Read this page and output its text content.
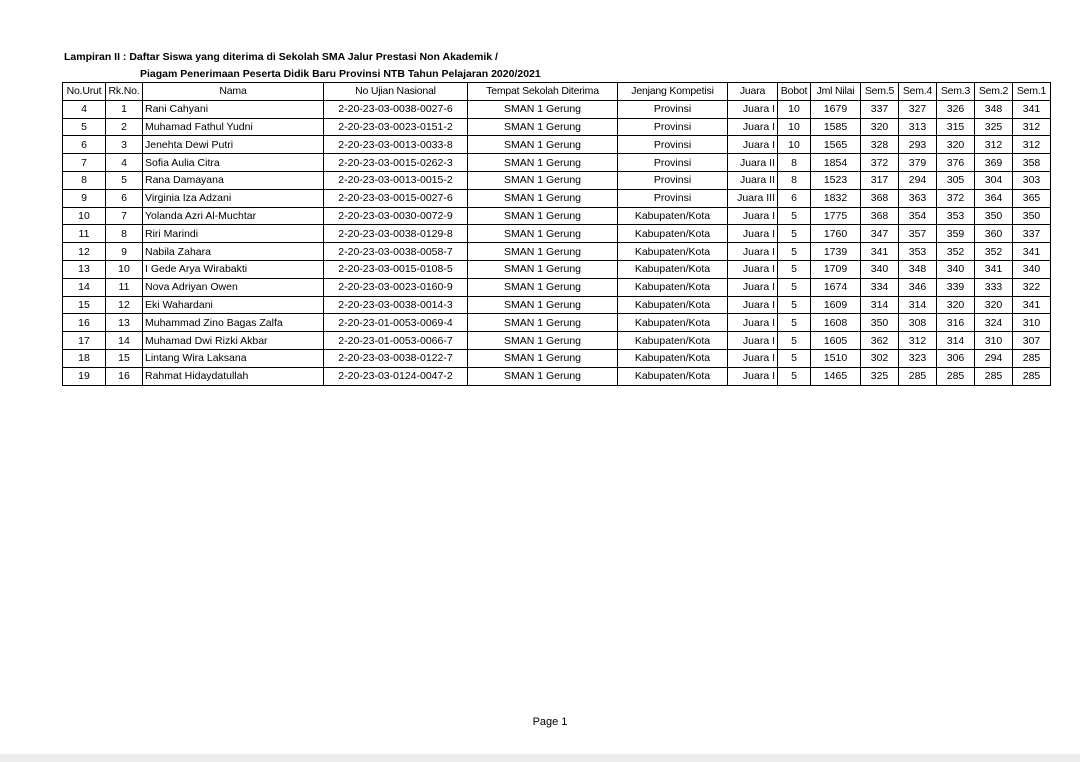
Lampiran II : Daftar Siswa yang diterima di Sekolah SMA Jalur Prestasi Non Akademik /
Piagam Penerimaan Peserta Didik Baru Provinsi NTB Tahun Pelajaran 2020/2021
No.Urut	Rk.No.	Nama	No Ujian Nasional	Tempat Sekolah Diterima	Jenjang Kompetisi	Juara	Bobot	Jml Nilai	Sem.5	Sem.4	Sem.3	Sem.2	Sem.1
4	1	Rani Cahyani	2-20-23-03-0038-0027-6	SMAN 1 Gerung	Provinsi	Juara I	10	1679	337	327	326	348	341
5	2	Muhamad Fathul Yudni	2-20-23-03-0023-0151-2	SMAN 1 Gerung	Provinsi	Juara I	10	1585	320	313	315	325	312
6	3	Jenehta Dewi Putri	2-20-23-03-0013-0033-8	SMAN 1 Gerung	Provinsi	Juara I	10	1565	328	293	320	312	312
7	4	Sofia Aulia Citra	2-20-23-03-0015-0262-3	SMAN 1 Gerung	Provinsi	Juara II	8	1854	372	379	376	369	358
8	5	Rana Damayana	2-20-23-03-0013-0015-2	SMAN 1 Gerung	Provinsi	Juara II	8	1523	317	294	305	304	303
9	6	Virginia Iza Adzani	2-20-23-03-0015-0027-6	SMAN 1 Gerung	Provinsi	Juara III	6	1832	368	363	372	364	365
10	7	Yolanda Azri Al-Muchtar	2-20-23-03-0030-0072-9	SMAN 1 Gerung	Kabupaten/Kota	Juara I	5	1775	368	354	353	350	350
11	8	Riri Marindi	2-20-23-03-0038-0129-8	SMAN 1 Gerung	Kabupaten/Kota	Juara I	5	1760	347	357	359	360	337
12	9	Nabila Zahara	2-20-23-03-0038-0058-7	SMAN 1 Gerung	Kabupaten/Kota	Juara I	5	1739	341	353	352	352	341
13	10	I Gede Arya Wirabakti	2-20-23-03-0015-0108-5	SMAN 1 Gerung	Kabupaten/Kota	Juara I	5	1709	340	348	340	341	340
14	11	Nova Adriyan Owen	2-20-23-03-0023-0160-9	SMAN 1 Gerung	Kabupaten/Kota	Juara I	5	1674	334	346	339	333	322
15	12	Eki Wahardani	2-20-23-03-0038-0014-3	SMAN 1 Gerung	Kabupaten/Kota	Juara I	5	1609	314	314	320	320	341
16	13	Muhammad Zino Bagas Zalfa	2-20-23-01-0053-0069-4	SMAN 1 Gerung	Kabupaten/Kota	Juara I	5	1608	350	308	316	324	310
17	14	Muhamad Dwi Rizki Akbar	2-20-23-01-0053-0066-7	SMAN 1 Gerung	Kabupaten/Kota	Juara I	5	1605	362	312	314	310	307
18	15	Lintang Wira Laksana	2-20-23-03-0038-0122-7	SMAN 1 Gerung	Kabupaten/Kota	Juara I	5	1510	302	323	306	294	285
19	16	Rahmat Hidaydatullah	2-20-23-03-0124-0047-2	SMAN 1 Gerung	Kabupaten/Kota	Juara I	5	1465	325	285	285	285	285
Page 1
